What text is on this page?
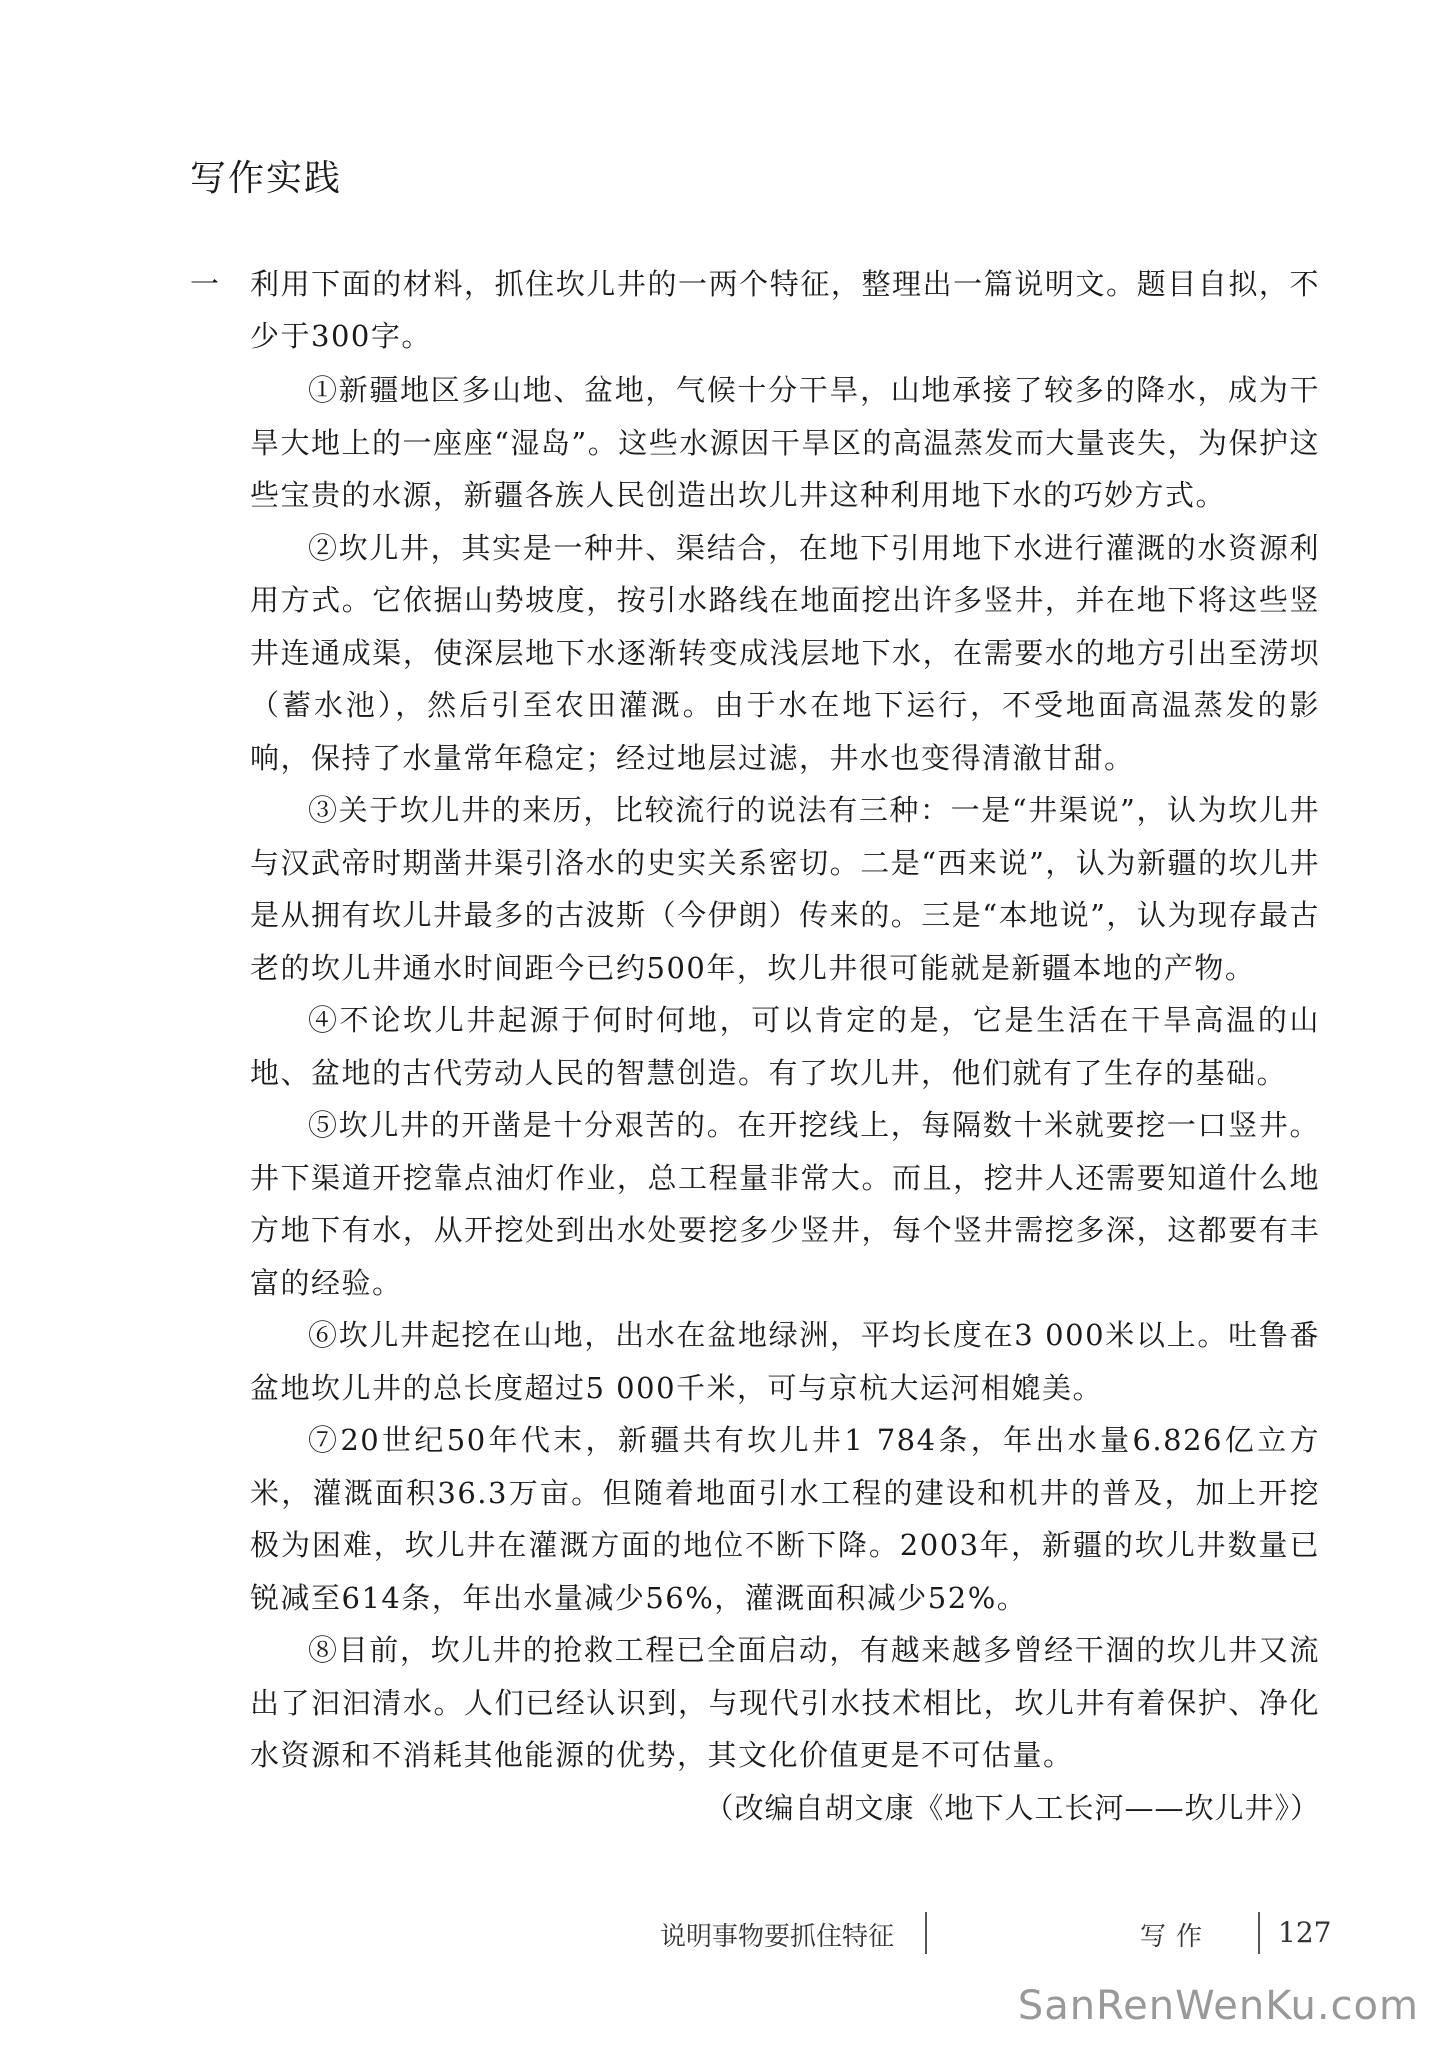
写作实践
一	利用下面的材料，抓住坎儿井的一两个特征，整理出一篇说明文。题目自拟，不少于300字。

①新疆地区多山地、盆地，气候十分干旱，山地承接了较多的降水，成为干旱大地上的一座座“湿岛”。这些水源因干旱区的高温蒸发而大量丧失，为保护这些宝贵的水源，新疆各族人民创造出坎儿井这种利用地下水的巧妙方式。

②坎儿井，其实是一种井、渠结合，在地下引用地下水进行灌溉的水资源利用方式。它依据山势坡度，按引水路线在地面挖出许多竖井，并在地下将这些竖井连通成渠，使深层地下水逐渐转变成浅层地下水，在需要水的地方引出至涝坝（蓄水池），然后引至农田灌溉。由于水在地下运行，不受地面高温蒸发的影响，保持了水量常年稳定；经过地层过滤，井水也变得清澈甘甜。

③关于坎儿井的来历，比较流行的说法有三种：一是“井渠说”，认为坎儿井与汉武帝时期凿井渠引洛水的史实关系密切。二是“西来说”，认为新疆的坎儿井是从拥有坎儿井最多的古波斯（今伊朗）传来的。三是“本地说”，认为现存最古老的坎儿井通水时间距今已约500年，坎儿井很可能就是新疆本地的产物。

④不论坎儿井起源于何时何地，可以肯定的是，它是生活在干旱高温的山地、盆地的古代劳动人民的智慧创造。有了坎儿井，他们就有了生存的基础。

⑤坎儿井的开凿是十分艰苦的。在开挖线上，每隔数十米就要挖一口竖井。井下渠道开挖靠点油灯作业，总工程量非常大。而且，挖井人还需要知道什么地方地下有水，从开挖处到出水处要挖多少竖井，每个竖井需挖多深，这都要有丰富的经验。

⑥坎儿井起挖在山地，出水在盆地绿洲，平均长度在3 000米以上。吐鲁番盆地坎儿井的总长度超过5 000千米，可与京杭大运河相媲美。

⑦20世纪50年代末，新疆共有坎儿井1 784条，年出水量6.826亿立方米，灌溉面积36.3万亩。但随着地面引水工程的建设和机井的普及，加上开挖极为困难，坎儿井在灌溉方面的地位不断下降。2003年，新疆的坎儿井数量已锐减至614条，年出水量减少56%，灌溉面积减少52%。

⑧目前，坎儿井的抢救工程已全面启动，有越来越多曾经干涸的坎儿井又流出了汩汩清水。人们已经认识到，与现代引水技术相比，坎儿井有着保护、净化水资源和不消耗其他能源的优势，其文化价值更是不可估量。

（改编自胡文康《地下人工长河——坎儿井》）

说明事物要抓住特征	写作 127
SanRenWenKu.com
